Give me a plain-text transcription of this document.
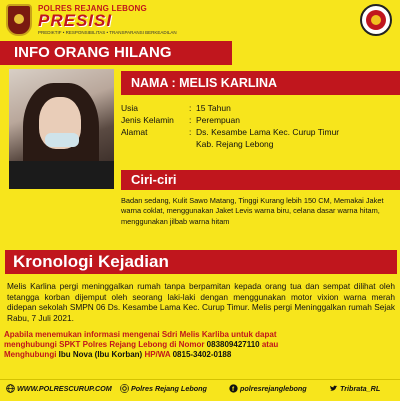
POLRES REJANG LEBONG
PRESISI
PREDIKTIF • RESPONSIBILITAS • TRANSPARANSI BERKEADILAN
INFO ORANG HILANG
NAMA : MELIS KARLINA
Usia	: 15 Tahun
Jenis Kelamin : Perempuan
Alamat	: Ds. Kesambe Lama Kec. Curup Timur
Kab. Rejang Lebong
Ciri-ciri
Badan sedang, Kulit Sawo Matang, Tinggi Kurang lebih 150 CM, Memakai Jaket warna coklat, menggunakan Jaket Levis warna biru, celana dasar warna hitam, menggunakan jilbab warna hitam
Kronologi Kejadian
Melis Karlina pergi meninggalkan rumah tanpa berpamitan kepada orang tua dan sempat dilihat oleh tetangga korban dijemput oleh seorang laki-laki dengan menggunakan motor vixion warna merah didepan sekolah SMPN 06 Ds. Kesambe Lama Kec. Curup Timur. Melis pergi Meninggalkan rumah Sejak Rabu, 7 Juli 2021.
Apabila menemukan informasi mengenai Sdri Melis Karliba untuk dapat
menghubungi SPKT Polres Rejang Lebong di Nomor 083809427110 atau
Menghubungi Ibu Nova (Ibu Korban) HP/WA 0815-3402-0188
WWW.POLRESCURUP.COM	Polres Rejang Lebong	f polresrejanglebong	Tribrata_RL
